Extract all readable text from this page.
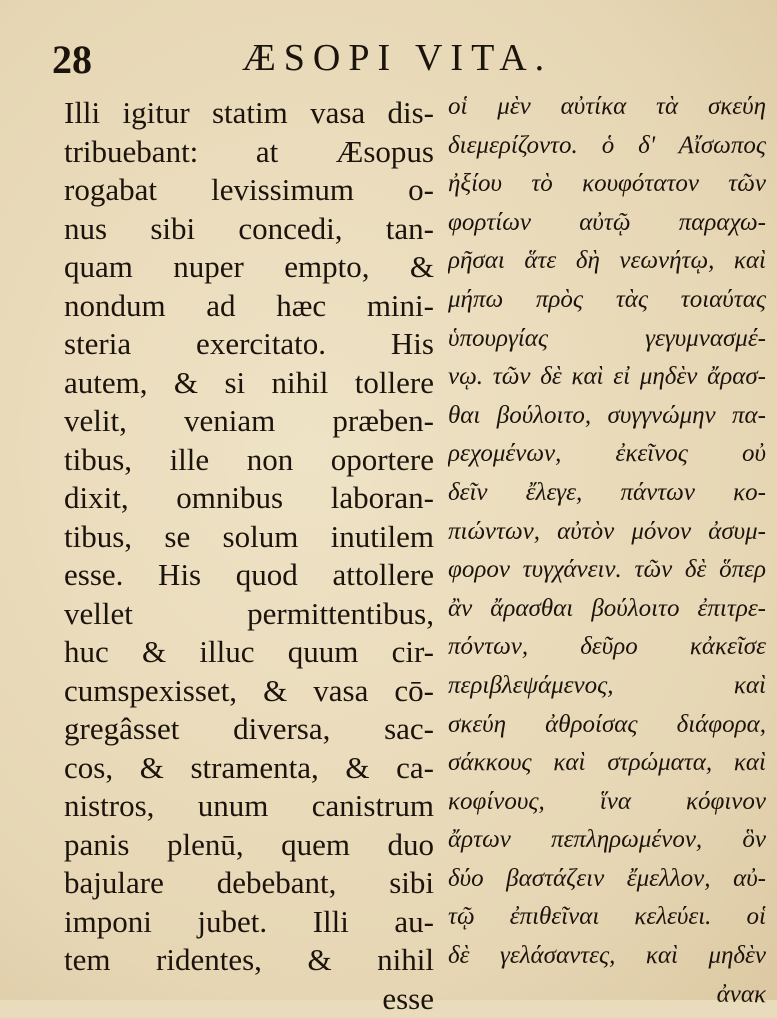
28	ÆSOPI VITA.
Illi igitur statim vasa dis-
tribuebant: at Æsopus
rogabat levissimum o-
nus sibi concedi, tan-
quam nuper empto, &
nondum ad hæc mini-
steria exercitato. His
autem, & si nihil tollere
velit, veniam præben-
tibus, ille non oportere
dixit, omnibus laboran-
tibus, se solum inutilem
esse. His quod attollere
vellet permittentibus,
huc & illuc quum cir-
cumspexisset, & vasa cō-
gregâsset diversa, sac-
cos, & stramenta, & ca-
nistros, unum canistrum
panis plenū, quem duo
bajulare debebant, sibi
imponi jubet. Illi au-
tem ridentes, & nihil
esse
οἱ μὲν αὐτίκα τὰ σκεύη
διεμερίζοντο. ὁ δ' Αἴσωπος
ἠξίου τὸ κουφότατον τῶν
φορτίων αὐτῷ παραχω-
ρῆσαι ἅτε δὴ νεωνήτῳ, καὶ
μήπω πρὸς τὰς τοιαύτας
ὑπουργίας γεγυμνασμέ-
νῳ. τῶν δὲ καὶ εἰ μηδὲν ἄρασ-
θαι βούλοιτο, συγγνώμην πα-
ρεχομένων, ἐκεῖνος οὐ
δεῖν ἔλεγε, πάντων κο-
πιώντων, αὐτὸν μόνον ἀσυμ-
φορον τυγχάνειν. τῶν δὲ ὅπερ
ἂν ἄρασθαι βούλοιτο ἐπιτρε-
πόντων, δεῦρο κἀκεῖσε
περιβλεψάμενος, καὶ
σκεύη ἀθροίσας διάφορα,
σάκκους καὶ στρώματα, καὶ
κοφίνους, ἵνα κόφινον
ἄρτων πεπληρωμένον, ὃν
δύο βαστάζειν ἔμελλον, αὐ-
τῷ ἐπιθεῖναι κελεύει. οἱ
δὲ γελάσαντες, καὶ μηδὲν
ἀνακ
